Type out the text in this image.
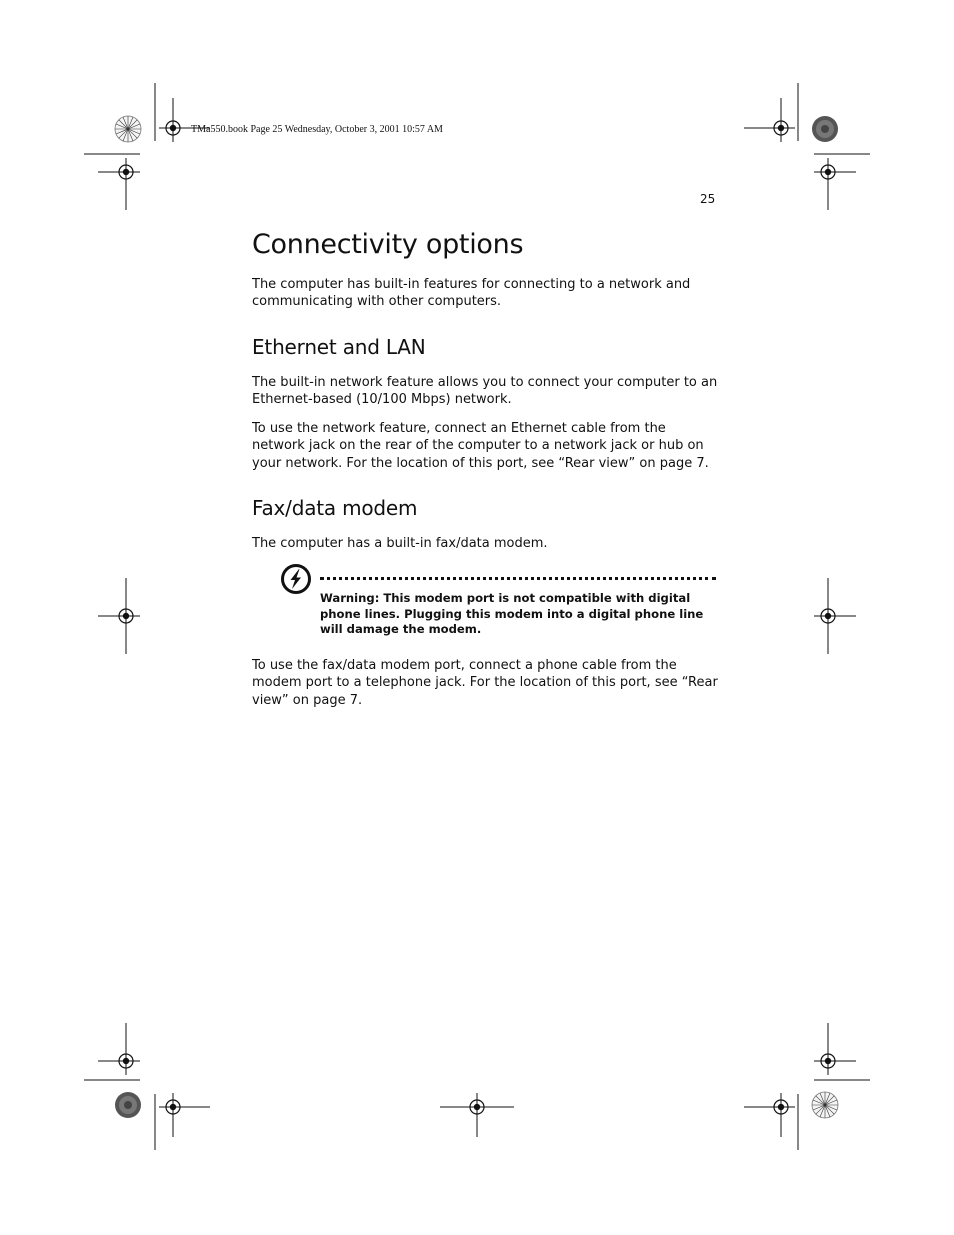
TMa550.book Page 25 Wednesday, October 3, 2001 10:57 AM
25
Connectivity options

The computer has built-in features for connecting to a network and communicating with other computers.

Ethernet and LAN

The built-in network feature allows you to connect your computer to an Ethernet-based (10/100 Mbps) network.

To use the network feature, connect an Ethernet cable from the network jack on the rear of the computer to a network jack or hub on your network. For the location of this port, see “Rear view” on page 7.

Fax/data modem

The computer has a built-in fax/data modem.

Warning: This modem port is not compatible with digital phone lines. Plugging this modem into a digital phone line will damage the modem.

To use the fax/data modem port, connect a phone cable from the modem port to a telephone jack. For the location of this port, see “Rear view” on page 7.
